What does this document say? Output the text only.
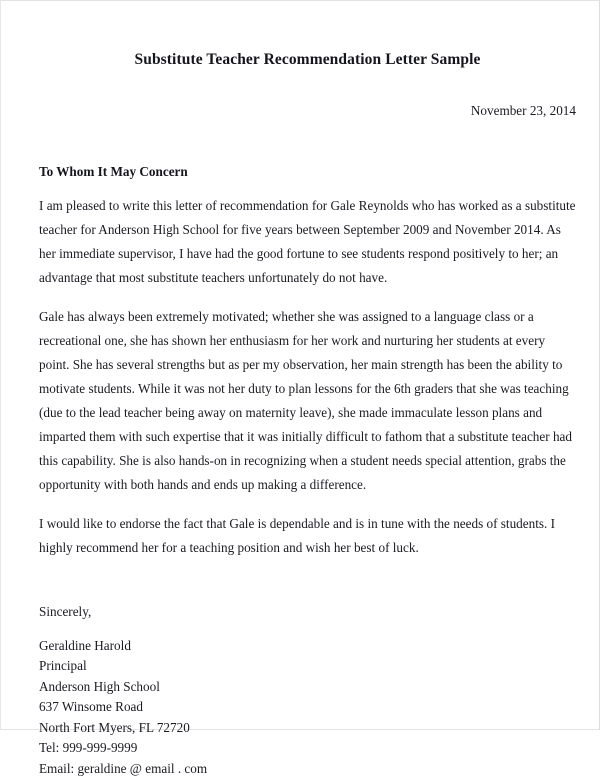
Substitute Teacher Recommendation Letter Sample

November 23, 2014

To Whom It May Concern

I am pleased to write this letter of recommendation for Gale Reynolds who has worked as a substitute teacher for Anderson High School for five years between September 2009 and November 2014. As her immediate supervisor, I have had the good fortune to see students respond positively to her; an advantage that most substitute teachers unfortunately do not have.

Gale has always been extremely motivated; whether she was assigned to a language class or a recreational one, she has shown her enthusiasm for her work and nurturing her students at every point. She has several strengths but as per my observation, her main strength has been the ability to motivate students. While it was not her duty to plan lessons for the 6th graders that she was teaching (due to the lead teacher being away on maternity leave), she made immaculate lesson plans and imparted them with such expertise that it was initially difficult to fathom that a substitute teacher had this capability. She is also hands-on in recognizing when a student needs special attention, grabs the opportunity with both hands and ends up making a difference.

I would like to endorse the fact that Gale is dependable and is in tune with the needs of students. I highly recommend her for a teaching position and wish her best of luck.

Sincerely,

Geraldine Harold
Principal
Anderson High School
637 Winsome Road
North Fort Myers, FL 72720
Tel: 999-999-9999
Email: geraldine @ email . com
